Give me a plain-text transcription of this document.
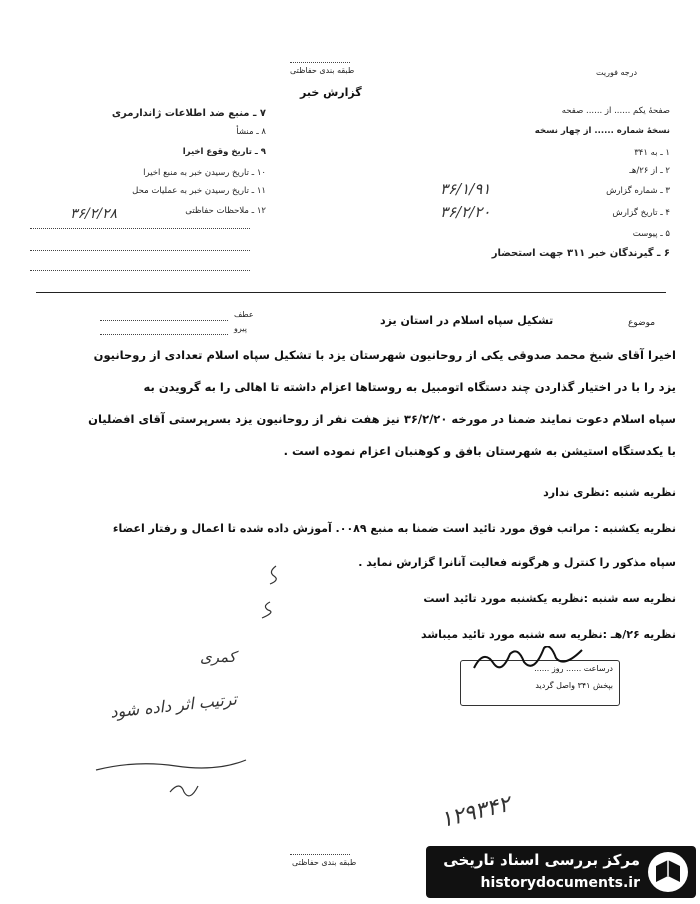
طبقه بندی حفاظتی
گزارش خبر
درجه فوریت
صفحهٔ یکم ...... از ...... صفحه
نسخهٔ شماره ...... از چهار نسخه
۱ ـ به ۳۴۱
۲ ـ از ۲۶/هـ
۳ ـ شماره گزارش
۳۶/۱/۹۱
۴ ـ تاریخ گزارش
۳۶/۲/۲۰
۵ ـ پیوست
۶ ـ گیرندگان خبر ۳۱۱ جهت استحضار
۷ ـ منبع ضد اطلاعات ژاندارمری
۸ ـ منشأ
۹ ـ تاریخ وقوع اخیرا
۱۰ ـ تاریخ رسیدن خبر به منبع اخیرا
۱۱ ـ تاریخ رسیدن خبر به عملیات محل
۱۲ ـ ملاحظات حفاظتی
۳۶/۲/۲۸
عطف
پیرو
موضوع
تشکیل سپاه اسلام در استان یزد
اخیرا آقای شیخ محمد صدوقی یکی از روحانیون شهرستان یزد با تشکیل سپاه اسلام تعدادی از روحانیون
یزد را با در اختیار گذاردن چند دستگاه اتومبیل به روستاها اعزام داشته تا اهالی را به گرویدن به
سپاه اسلام دعوت نمایند ضمنا در مورخه ۳۶/۲/۲۰ نیز هفت نفر از روحانیون یزد بسرپرستی آقای افضلیان
با یکدستگاه استیشن به شهرستان بافق و کوهنبان اعزام نموده است .
نظریه شنبه :نظری ندارد
نظریه یکشنبه : مراتب فوق مورد تائید است ضمنا به منبع ۰۰۸۹. آموزش داده شده تا اعمال و رفتار اعضاء
سپاه مذکور را کنترل و هرگونه فعالیت آنانرا گزارش نماید .
نظریه سه شنبه :نظریه یکشنبه مورد تائید است
نظریه ۲۶/هـ :نظریه سه شنبه مورد تائید میباشد
درساعت ...... روز ......
بپخش ۳۴۱ واصل گردید
کمری
ترتیب اثر داده شود
۱۲۹۳۴۲
طبقه بندی حفاظتی	مرکز بررسی اسناد تاریخی
historydocuments.ir
